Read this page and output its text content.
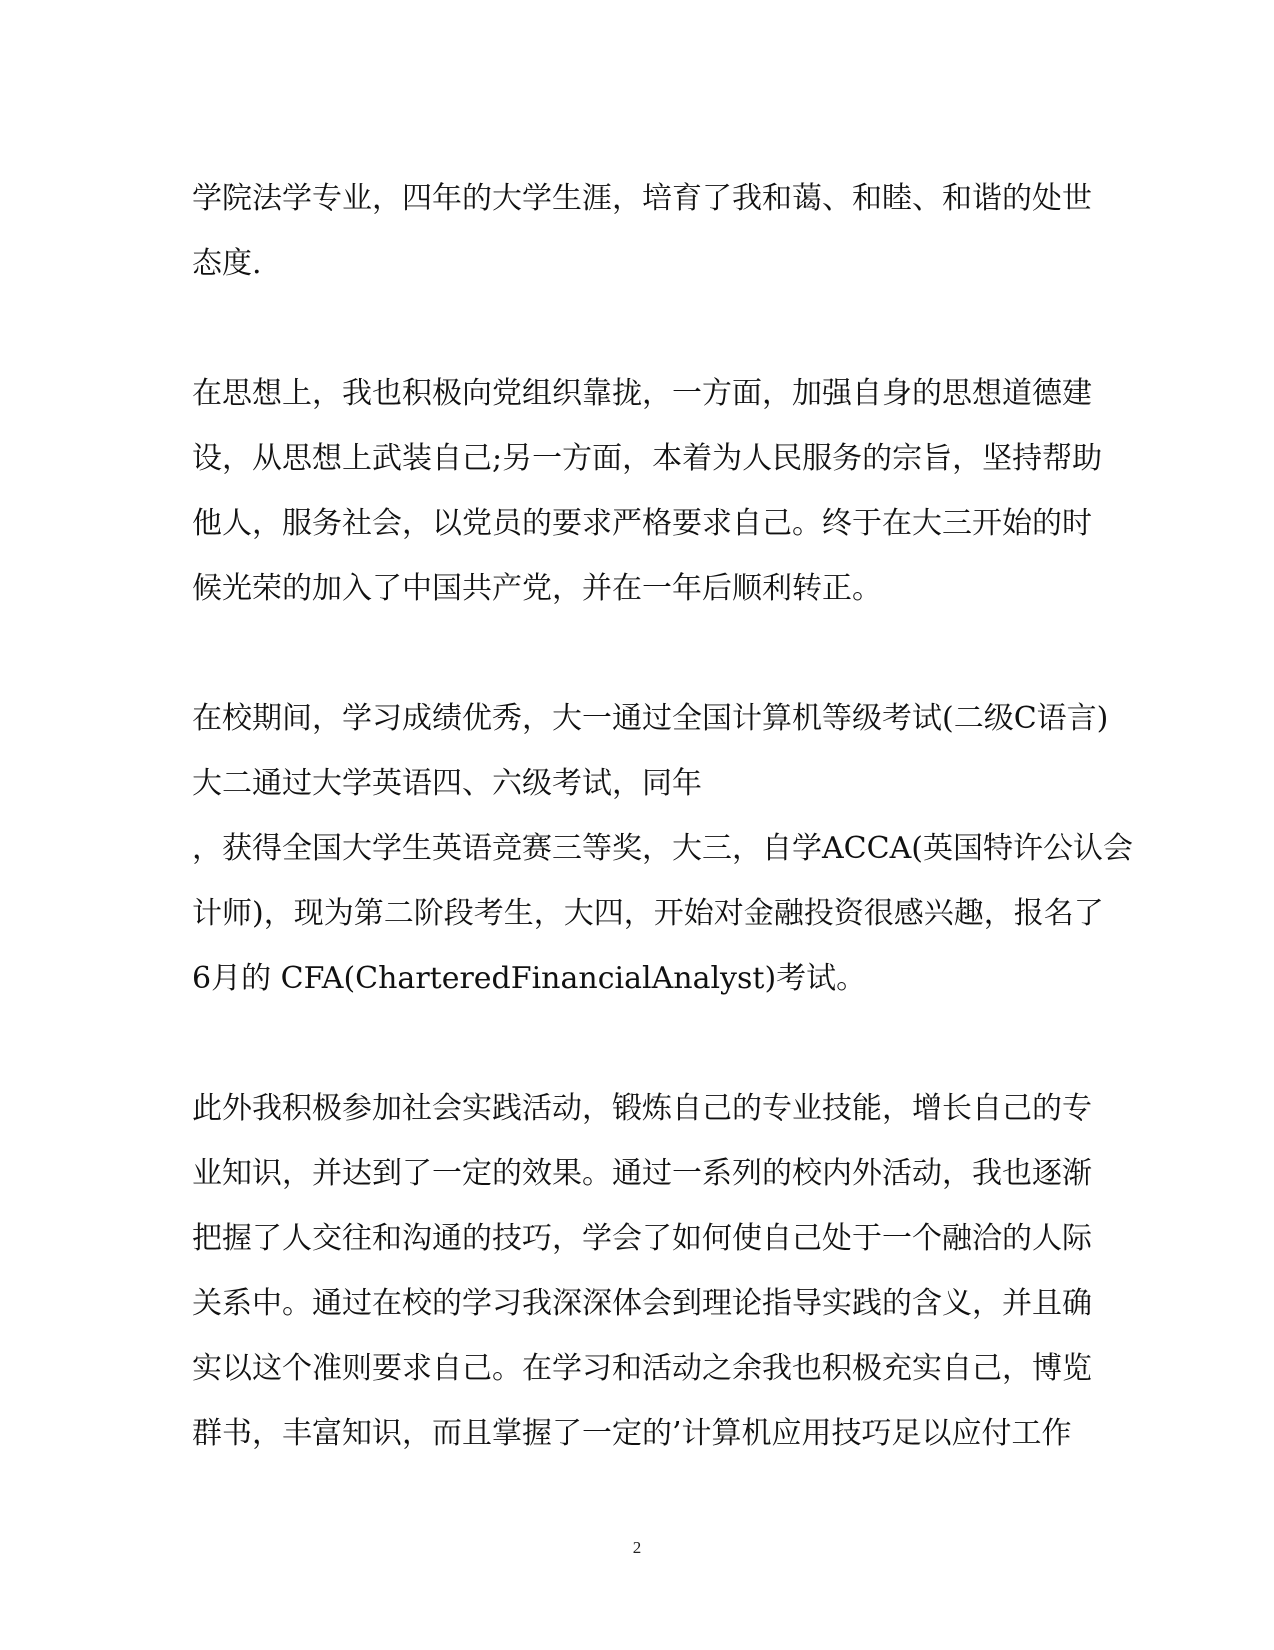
学院法学专业，四年的大学生涯，培育了我和蔼、和睦、和谐的处世
态度.
在思想上，我也积极向党组织靠拢，一方面，加强自身的思想道德建
设，从思想上武装自己;另一方面，本着为人民服务的宗旨，坚持帮助
他人，服务社会，以党员的要求严格要求自己。终于在大三开始的时
候光荣的加入了中国共产党，并在一年后顺利转正。
在校期间，学习成绩优秀，大一通过全国计算机等级考试(二级C语言)
大二通过大学英语四、六级考试，同年
，获得全国大学生英语竞赛三等奖，大三，自学ACCA(英国特许公认会
计师)，现为第二阶段考生，大四，开始对金融投资很感兴趣，报名了
6月的 CFA(CharteredFinancialAnalyst)考试。
此外我积极参加社会实践活动，锻炼自己的专业技能，增长自己的专
业知识，并达到了一定的效果。通过一系列的校内外活动，我也逐渐
把握了人交往和沟通的技巧，学会了如何使自己处于一个融洽的人际
关系中。通过在校的学习我深深体会到理论指导实践的含义，并且确
实以这个准则要求自己。在学习和活动之余我也积极充实自己，博览
群书，丰富知识，而且掌握了一定的’计算机应用技巧足以应付工作
2
